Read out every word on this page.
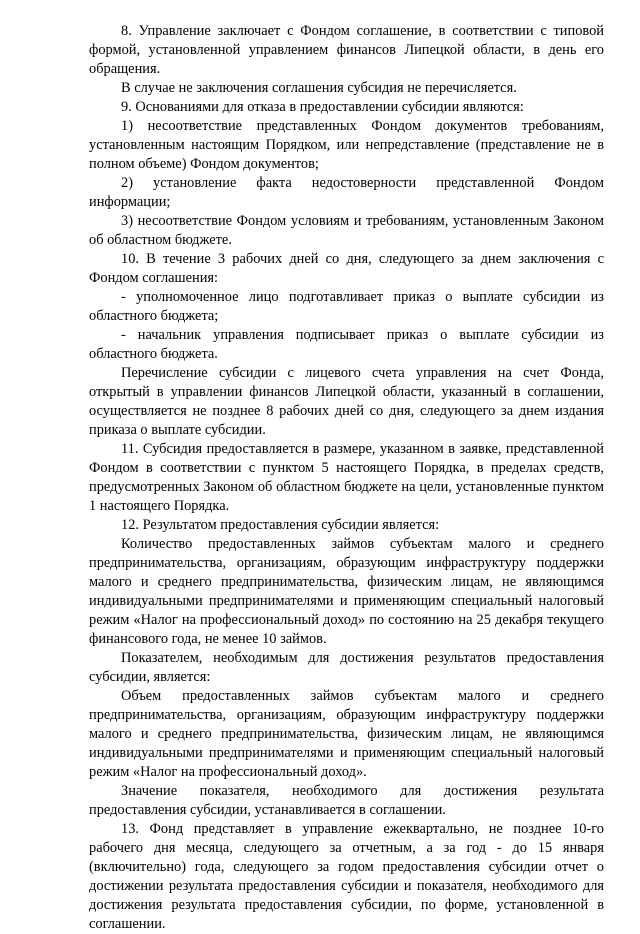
8. Управление заключает с Фондом соглашение, в соответствии с типовой формой, установленной управлением финансов Липецкой области, в день его обращения.

В случае не заключения соглашения субсидия не перечисляется.

9. Основаниями для отказа в предоставлении субсидии являются:

1) несоответствие представленных Фондом документов требованиям, установленным настоящим Порядком, или непредставление (представление не в полном объеме) Фондом документов;

2) установление факта недостоверности представленной Фондом информации;

3) несоответствие Фондом условиям и требованиям, установленным Законом об областном бюджете.

10. В течение 3 рабочих дней со дня, следующего за днем заключения с Фондом соглашения:

- уполномоченное лицо подготавливает приказ о выплате субсидии из областного бюджета;

- начальник управления подписывает приказ о выплате субсидии из областного бюджета.

Перечисление субсидии с лицевого счета управления на счет Фонда, открытый в управлении финансов Липецкой области, указанный в соглашении, осуществляется не позднее 8 рабочих дней со дня, следующего за днем издания приказа о выплате субсидии.

11. Субсидия предоставляется в размере, указанном в заявке, представленной Фондом в соответствии с пунктом 5 настоящего Порядка, в пределах средств, предусмотренных Законом об областном бюджете на цели, установленные пунктом 1 настоящего Порядка.

12. Результатом предоставления субсидии является:

Количество предоставленных займов субъектам малого и среднего предпринимательства, организациям, образующим инфраструктуру поддержки малого и среднего предпринимательства, физическим лицам, не являющимся индивидуальными предпринимателями и применяющим специальный налоговый режим «Налог на профессиональный доход» по состоянию на 25 декабря текущего финансового года, не менее 10 займов.

Показателем, необходимым для достижения результатов предоставления субсидии, является:

Объем предоставленных займов субъектам малого и среднего предпринимательства, организациям, образующим инфраструктуру поддержки малого и среднего предпринимательства, физическим лицам, не являющимся индивидуальными предпринимателями и применяющим специальный налоговый режим «Налог на профессиональный доход».

Значение показателя, необходимого для достижения результата предоставления субсидии, устанавливается в соглашении.

13. Фонд представляет в управление ежеквартально, не позднее 10-го рабочего дня месяца, следующего за отчетным, а за год - до 15 января (включительно) года, следующего за годом предоставления субсидии отчет о достижении результата предоставления субсидии и показателя, необходимого для достижения результата предоставления субсидии, по форме, установленной в соглашении.
